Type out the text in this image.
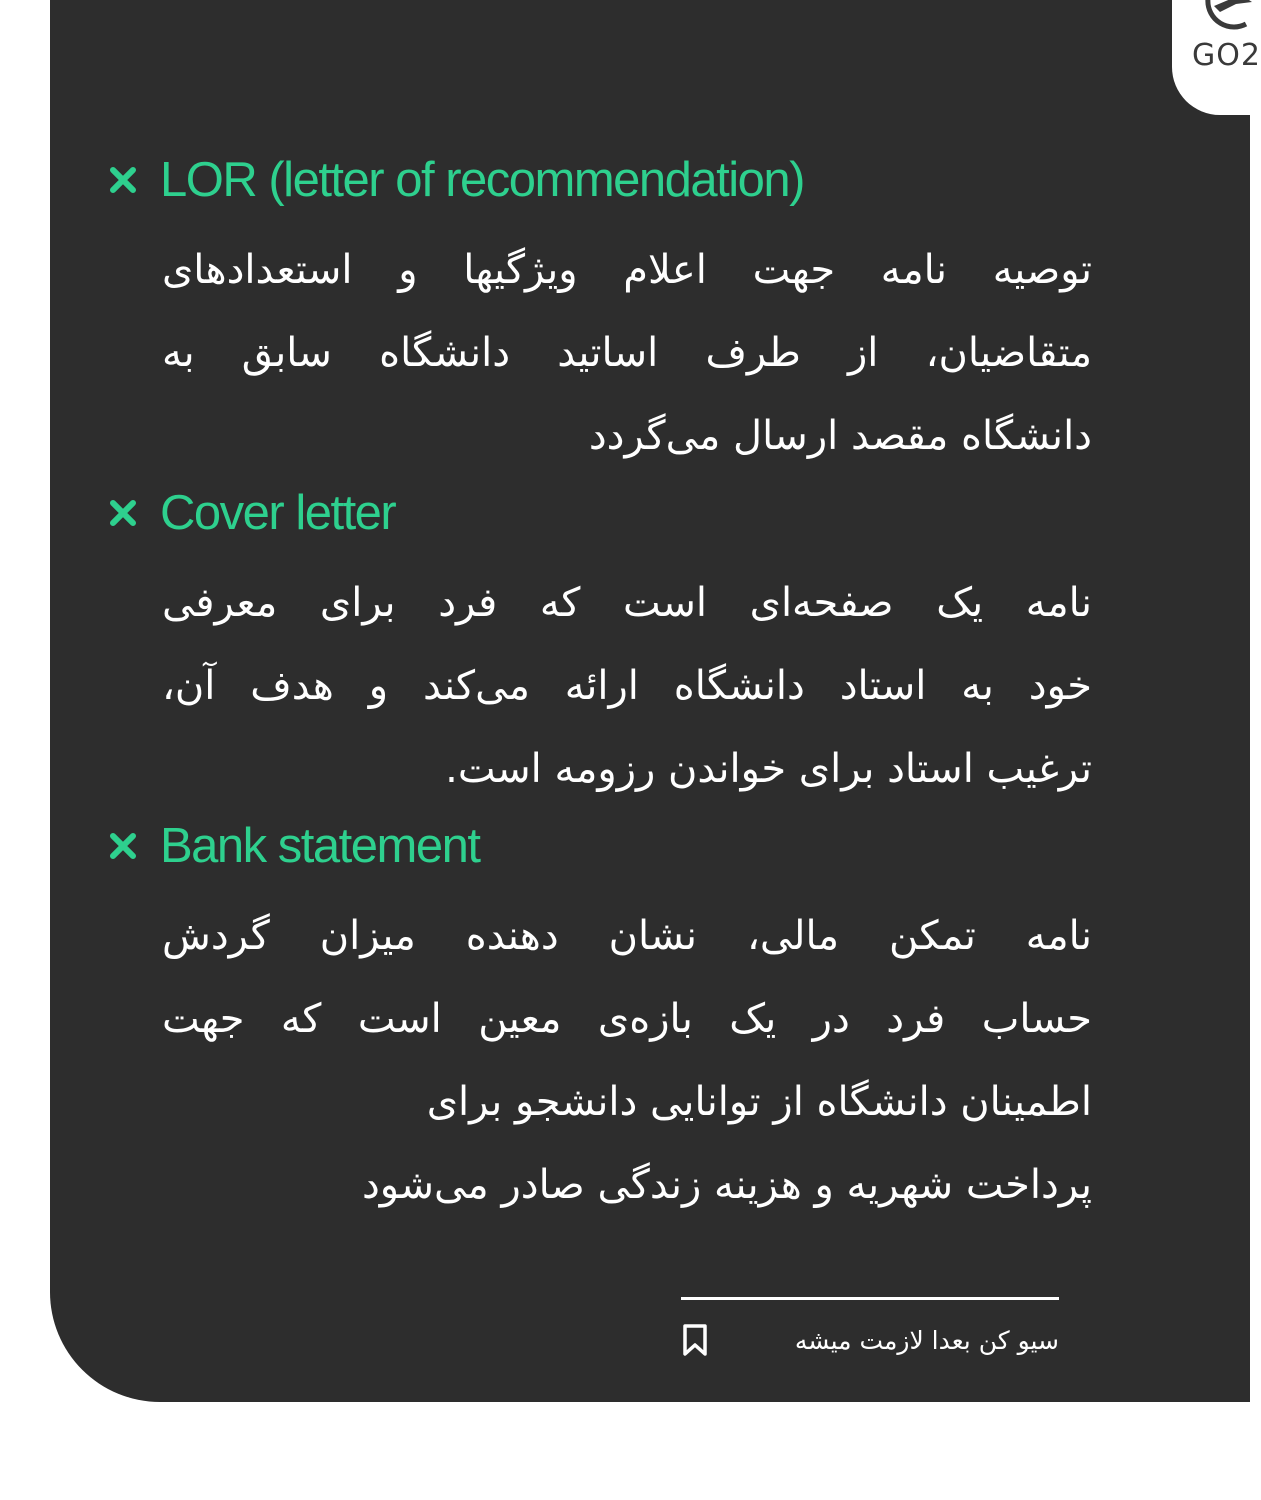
GO2
LOR (letter of recommendation)
توصیه نامه جهت اعلام ویژگیها و استعدادهای
متقاضیان، از طرف اساتید دانشگاه سابق به
دانشگاه مقصد ارسال می‌گردد
Cover letter
نامه یک صفحه‌ای است که فرد برای معرفی
خود به استاد دانشگاه ارائه می‌کند و هدف آن،
ترغیب استاد برای خواندن رزومه است.
Bank statement
نامه تمکن مالی، نشان دهنده میزان گردش
حساب فرد در یک بازه‌ی معین است که جهت
اطمینان دانشگاه از توانایی دانشجو برای
پرداخت شهریه و هزینه زندگی صادر می‌شود
سیو کن بعدا لازمت میشه
